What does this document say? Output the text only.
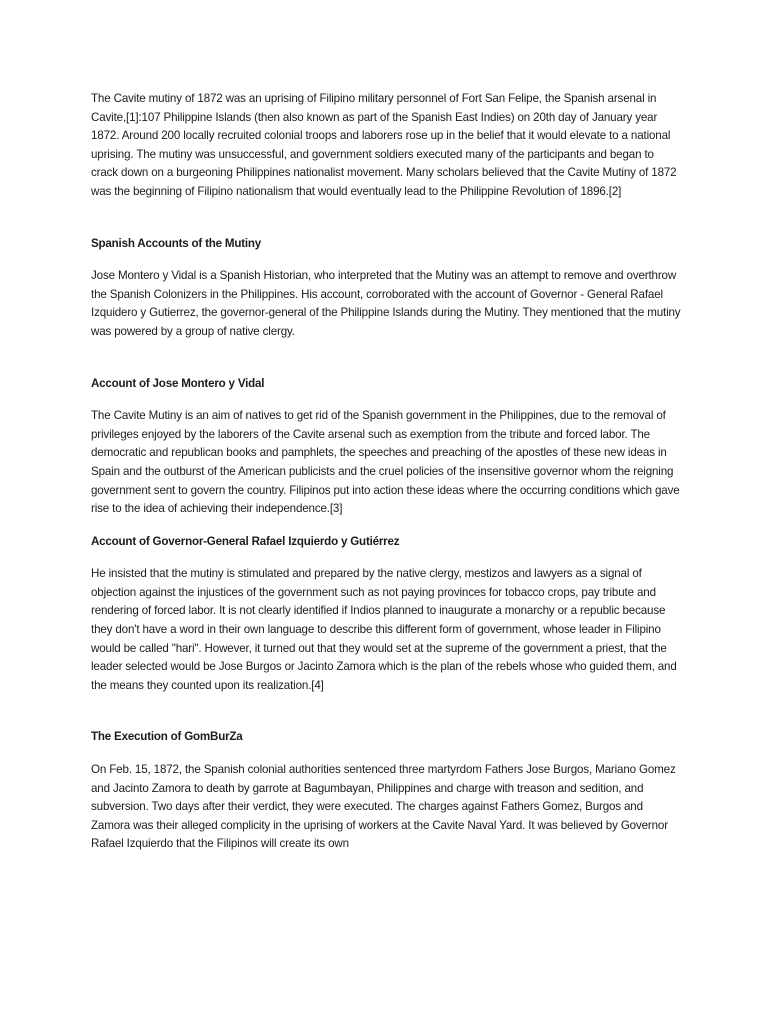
The Cavite mutiny of 1872 was an uprising of Filipino military personnel of Fort San Felipe, the Spanish arsenal in Cavite,[1]:107 Philippine Islands (then also known as part of the Spanish East Indies) on 20th day of January year 1872. Around 200 locally recruited colonial troops and laborers rose up in the belief that it would elevate to a national uprising. The mutiny was unsuccessful, and government soldiers executed many of the participants and began to crack down on a burgeoning Philippines nationalist movement. Many scholars believed that the Cavite Mutiny of 1872 was the beginning of Filipino nationalism that would eventually lead to the Philippine Revolution of 1896.[2]

Spanish Accounts of the Mutiny

Jose Montero y Vidal is a Spanish Historian, who interpreted that the Mutiny was an attempt to remove and overthrow the Spanish Colonizers in the Philippines. His account, corroborated with the account of Governor - General Rafael Izquidero y Gutierrez, the governor-general of the Philippine Islands during the Mutiny. They mentioned that the mutiny was powered by a group of native clergy.

Account of Jose Montero y Vidal

The Cavite Mutiny is an aim of natives to get rid of the Spanish government in the Philippines, due to the removal of privileges enjoyed by the laborers of the Cavite arsenal such as exemption from the tribute and forced labor. The democratic and republican books and pamphlets, the speeches and preaching of the apostles of these new ideas in Spain and the outburst of the American publicists and the cruel policies of the insensitive governor whom the reigning government sent to govern the country. Filipinos put into action these ideas where the occurring conditions which gave rise to the idea of achieving their independence.[3]

Account of Governor-General Rafael Izquierdo y Gutiérrez

He insisted that the mutiny is stimulated and prepared by the native clergy, mestizos and lawyers as a signal of objection against the injustices of the government such as not paying provinces for tobacco crops, pay tribute and rendering of forced labor. It is not clearly identified if Indios planned to inaugurate a monarchy or a republic because they don't have a word in their own language to describe this different form of government, whose leader in Filipino would be called "hari". However, it turned out that they would set at the supreme of the government a priest, that the leader selected would be Jose Burgos or Jacinto Zamora which is the plan of the rebels whose who guided them, and the means they counted upon its realization.[4]

The Execution of GomBurZa

On Feb. 15, 1872, the Spanish colonial authorities sentenced three martyrdom Fathers Jose Burgos, Mariano Gomez and Jacinto Zamora to death by garrote at Bagumbayan, Philippines and charge with treason and sedition, and subversion. Two days after their verdict, they were executed. The charges against Fathers Gomez, Burgos and Zamora was their alleged complicity in the uprising of workers at the Cavite Naval Yard. It was believed by Governor Rafael Izquierdo that the Filipinos will create its own
